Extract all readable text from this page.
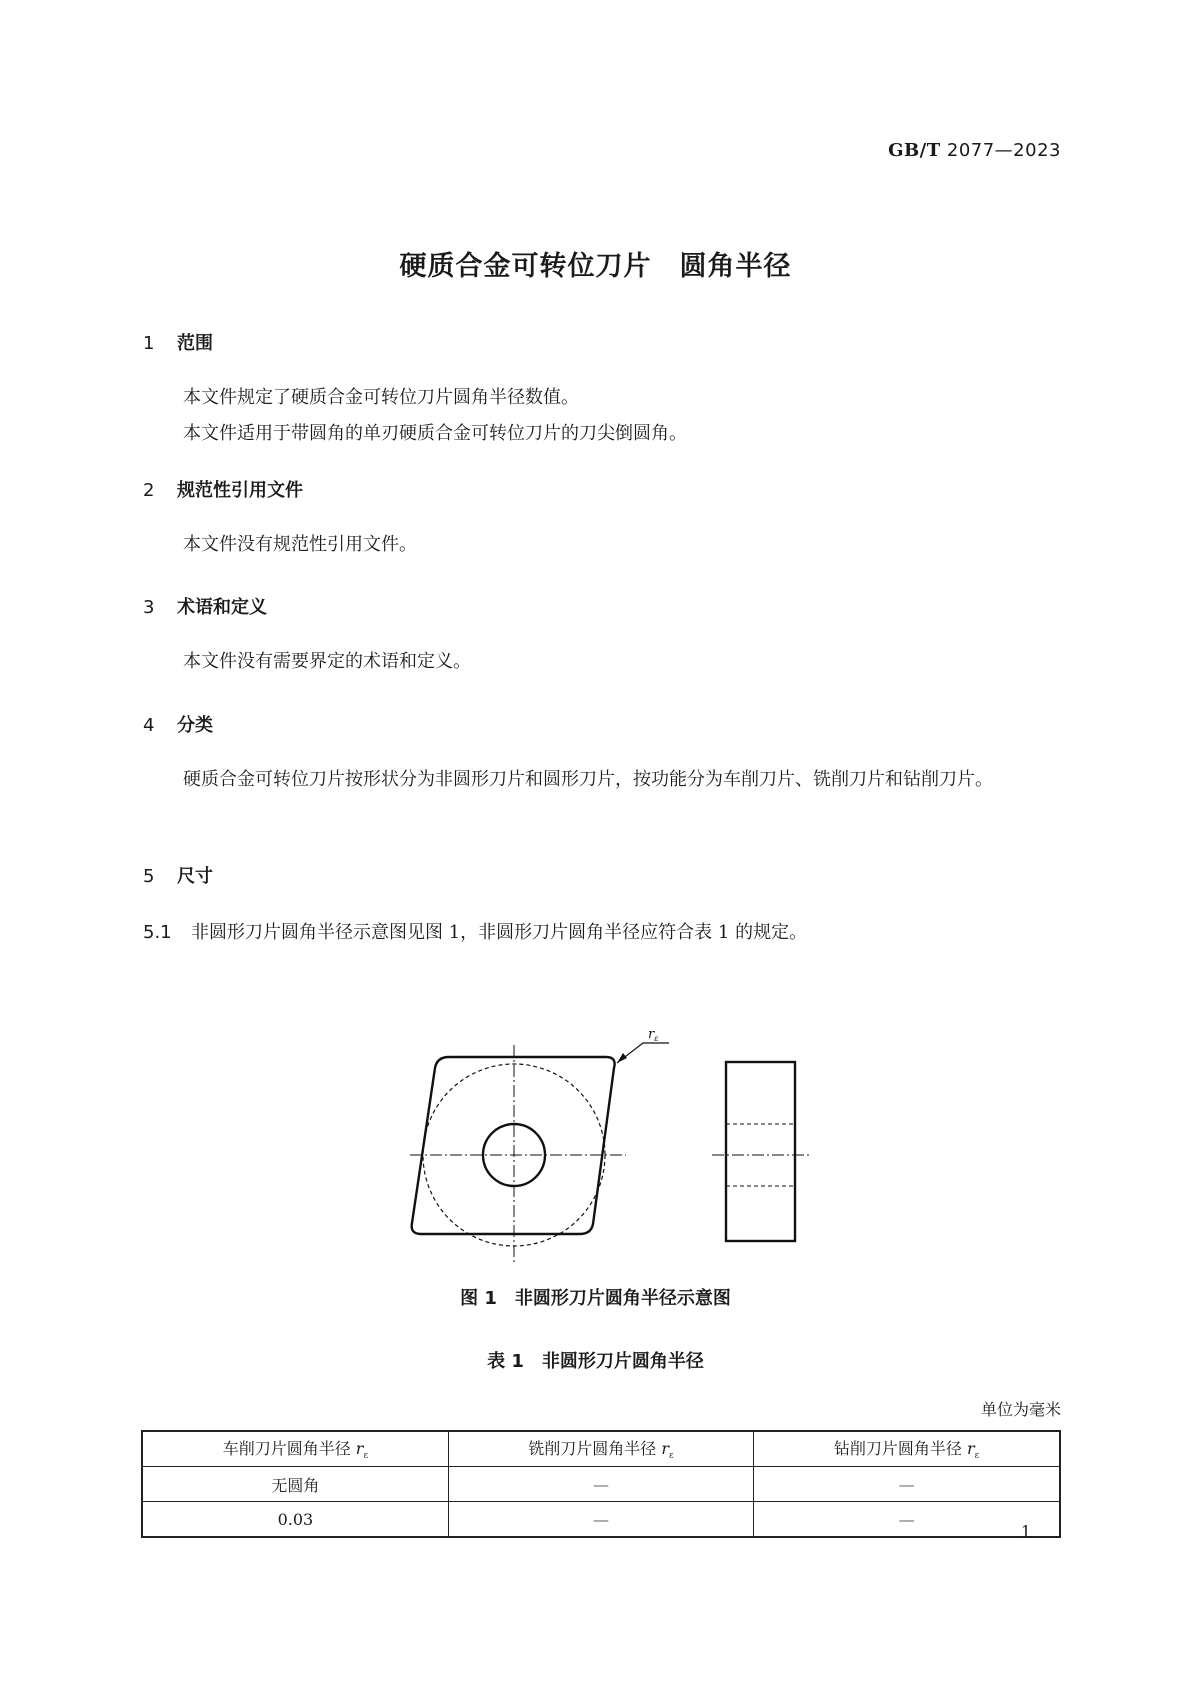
GB/T 2077—2023
硬质合金可转位刀片　圆角半径
1 范围
本文件规定了硬质合金可转位刀片圆角半径数值。
本文件适用于带圆角的单刃硬质合金可转位刀片的刀尖倒圆角。
2 规范性引用文件
本文件没有规范性引用文件。
3 术语和定义
本文件没有需要界定的术语和定义。
4 分类
硬质合金可转位刀片按形状分为非圆形刀片和圆形刀片，按功能分为车削刀片、铣削刀片和钻削刀片。
5 尺寸
5.1 非圆形刀片圆角半径示意图见图 1，非圆形刀片圆角半径应符合表 1 的规定。
$r_\varepsilon$
图 1　非圆形刀片圆角半径示意图
表 1　非圆形刀片圆角半径
单位为毫米
车削刀片圆角半径 $r_\varepsilon$	铣削刀片圆角半径 $r_\varepsilon$	钻削刀片圆角半径 $r_\varepsilon$
无圆角	—	—
0.03	—	—
1
